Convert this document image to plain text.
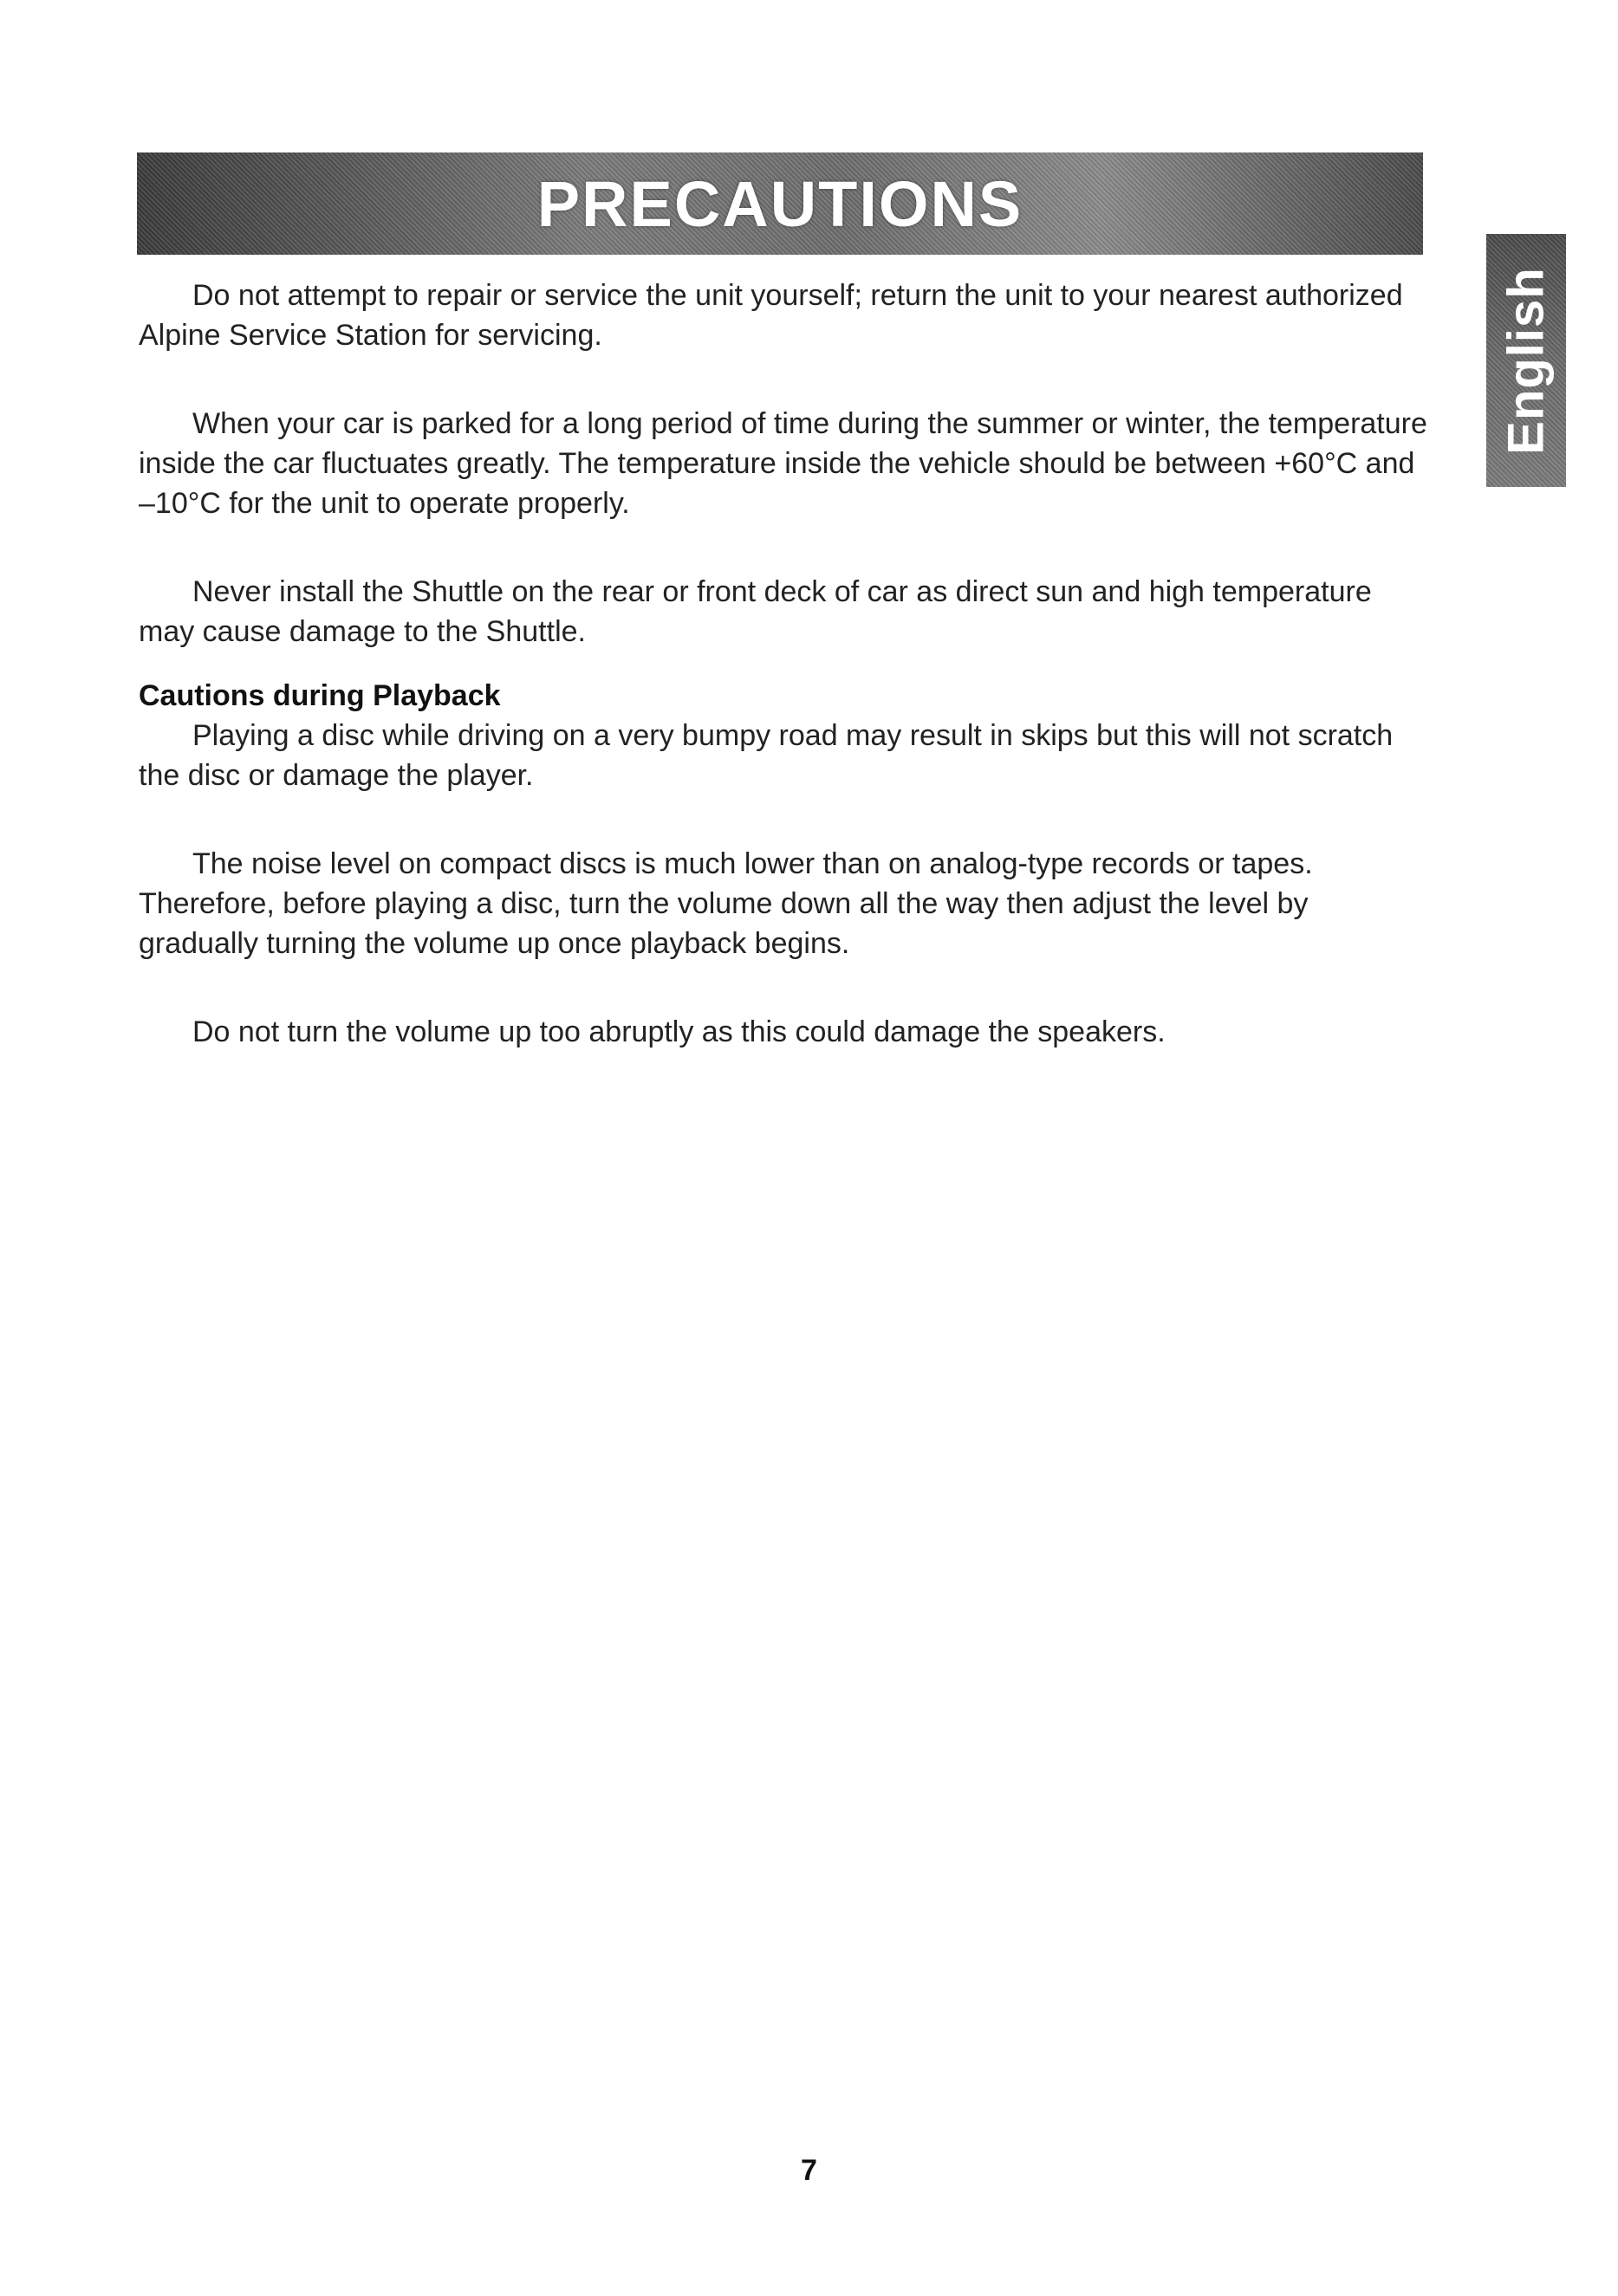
PRECAUTIONS
English

Do not attempt to repair or service the unit yourself; return the unit to your nearest authorized Alpine Service Station for servicing.

When your car is parked for a long period of time during the summer or winter, the temperature inside the car fluctuates greatly. The temperature inside the vehicle should be between +60°C and –10°C for the unit to operate properly.

Never install the Shuttle on the rear or front deck of car as direct sun and high temperature may cause damage to the Shuttle.

Cautions during Playback

Playing a disc while driving on a very bumpy road may result in skips but this will not scratch the disc or damage the player.

The noise level on compact discs is much lower than on analog-type records or tapes. Therefore, before playing a disc, turn the volume down all the way then adjust the level by gradually turning the volume up once playback begins.

Do not turn the volume up too abruptly as this could damage the speakers.

7
